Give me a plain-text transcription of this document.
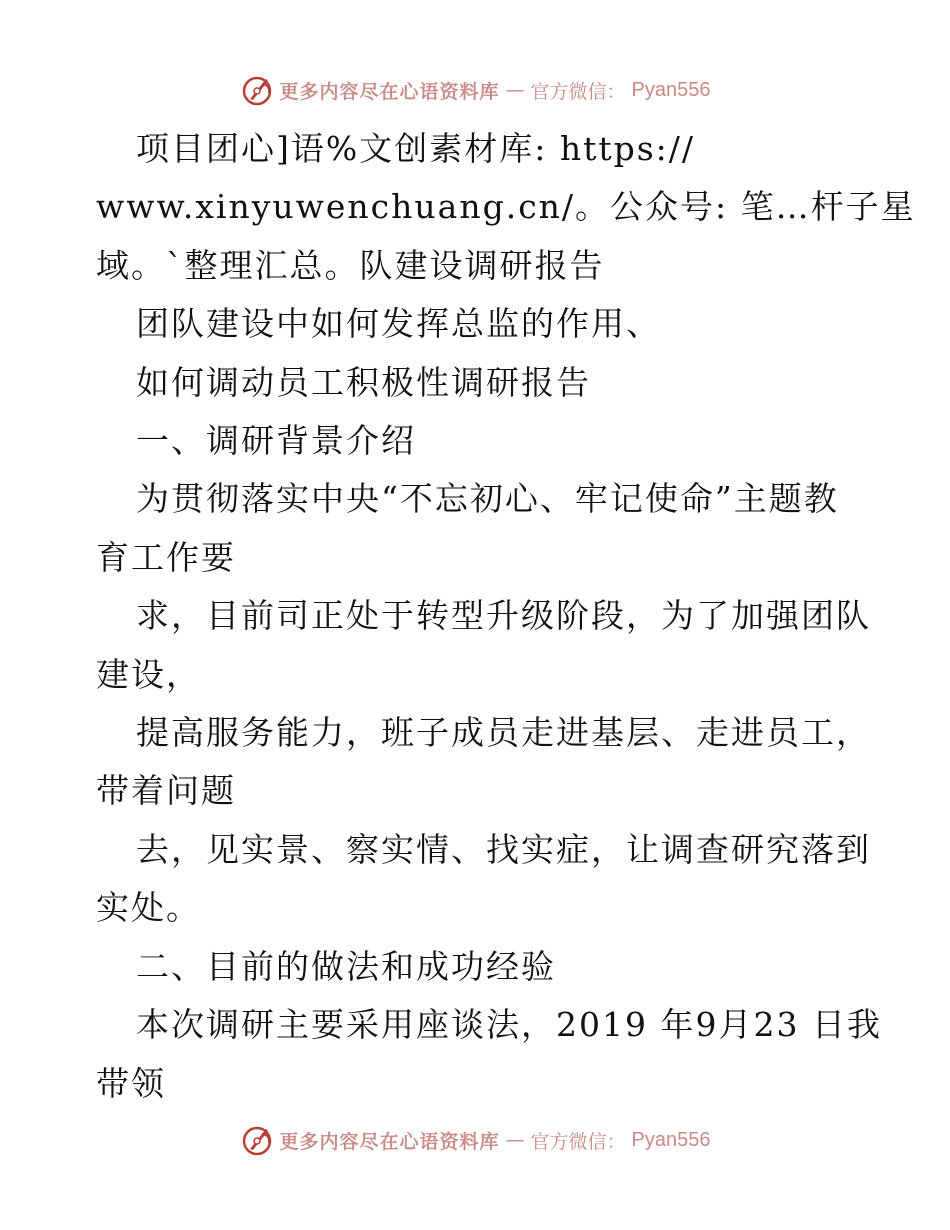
更多内容尽在心语资料库 — 官方微信： Pyan556
项目团心]语%文创素材库: https://
www.xinyuwenchuang.cn/。公众号: 笔…杆子星
域。`整理汇总。队建设调研报告
团队建设中如何发挥总监的作用、
如何调动员工积极性调研报告
一、调研背景介绍
为贯彻落实中央“不忘初心、牢记使命”主题教
育工作要
求，目前司正处于转型升级阶段，为了加强团队
建设，
提高服务能力，班子成员走进基层、走进员工，
带着问题
去，见实景、察实情、找实症，让调查研究落到
实处。
二、目前的做法和成功经验
本次调研主要采用座谈法，2019 年9月23 日我
带领
更多内容尽在心语资料库 — 官方微信： Pyan556
